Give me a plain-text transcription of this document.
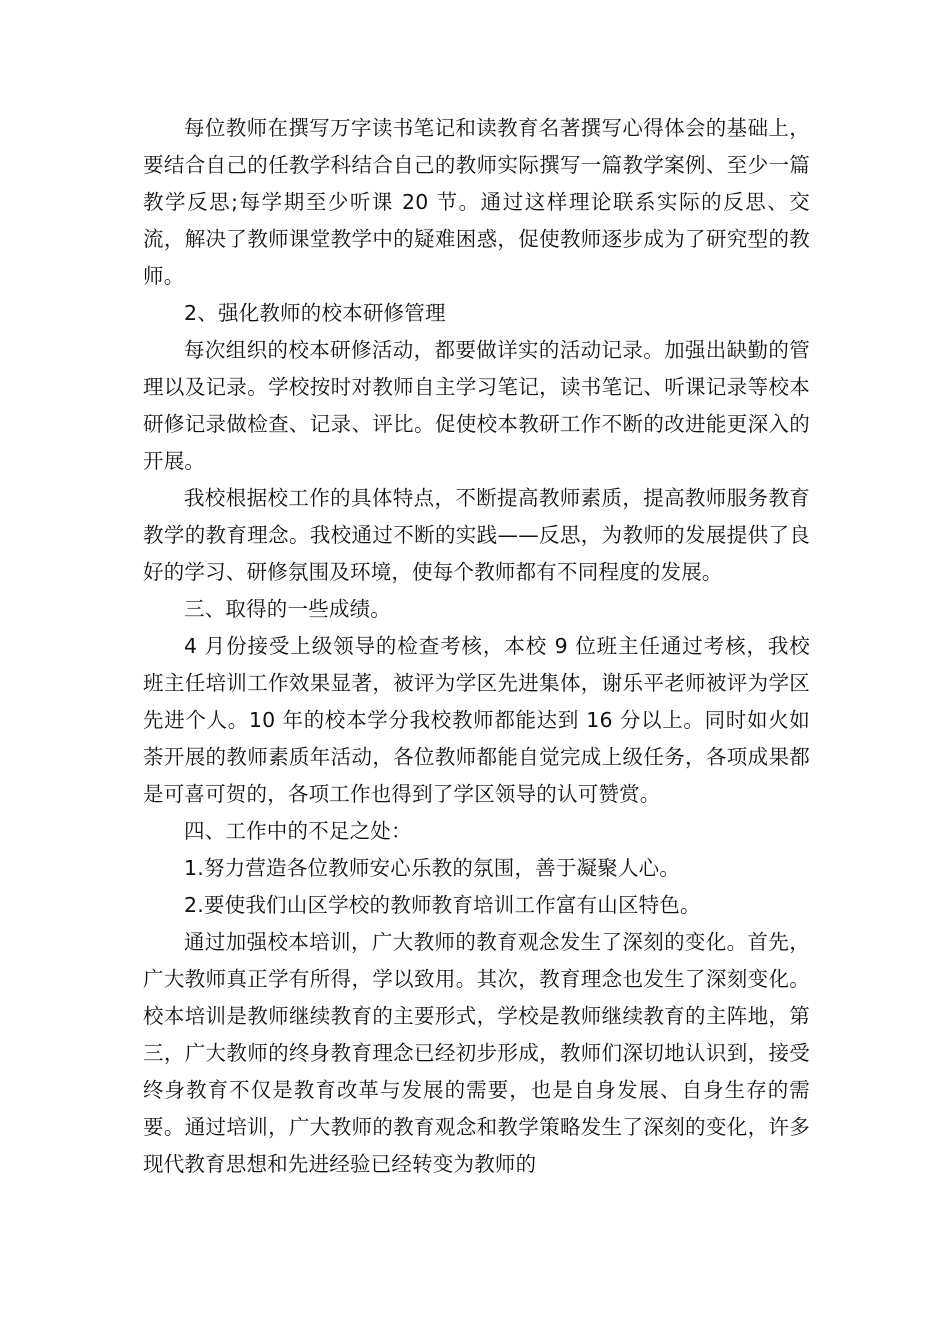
每位教师在撰写万字读书笔记和读教育名著撰写心得体会的基础上，要结合自己的任教学科结合自己的教师实际撰写一篇教学案例、至少一篇教学反思;每学期至少听课 20 节。通过这样理论联系实际的反思、交流，解决了教师课堂教学中的疑难困惑，促使教师逐步成为了研究型的教师。

2、强化教师的校本研修管理

每次组织的校本研修活动，都要做详实的活动记录。加强出缺勤的管理以及记录。学校按时对教师自主学习笔记，读书笔记、听课记录等校本研修记录做检查、记录、评比。促使校本教研工作不断的改进能更深入的开展。

我校根据校工作的具体特点，不断提高教师素质，提高教师服务教育教学的教育理念。我校通过不断的实践——反思，为教师的发展提供了良好的学习、研修氛围及环境，使每个教师都有不同程度的发展。

三、取得的一些成绩。

4 月份接受上级领导的检查考核，本校 9 位班主任通过考核，我校班主任培训工作效果显著，被评为学区先进集体，谢乐平老师被评为学区先进个人。10 年的校本学分我校教师都能达到 16 分以上。同时如火如荼开展的教师素质年活动，各位教师都能自觉完成上级任务，各项成果都是可喜可贺的，各项工作也得到了学区领导的认可赞赏。

四、工作中的不足之处：

1.努力营造各位教师安心乐教的氛围，善于凝聚人心。

2.要使我们山区学校的教师教育培训工作富有山区特色。

通过加强校本培训，广大教师的教育观念发生了深刻的变化。首先，广大教师真正学有所得，学以致用。其次，教育理念也发生了深刻变化。校本培训是教师继续教育的主要形式，学校是教师继续教育的主阵地，第三，广大教师的终身教育理念已经初步形成，教师们深切地认识到，接受终身教育不仅是教育改革与发展的需要，也是自身发展、自身生存的需要。通过培训，广大教师的教育观念和教学策略发生了深刻的变化，许多现代教育思想和先进经验已经转变为教师的
